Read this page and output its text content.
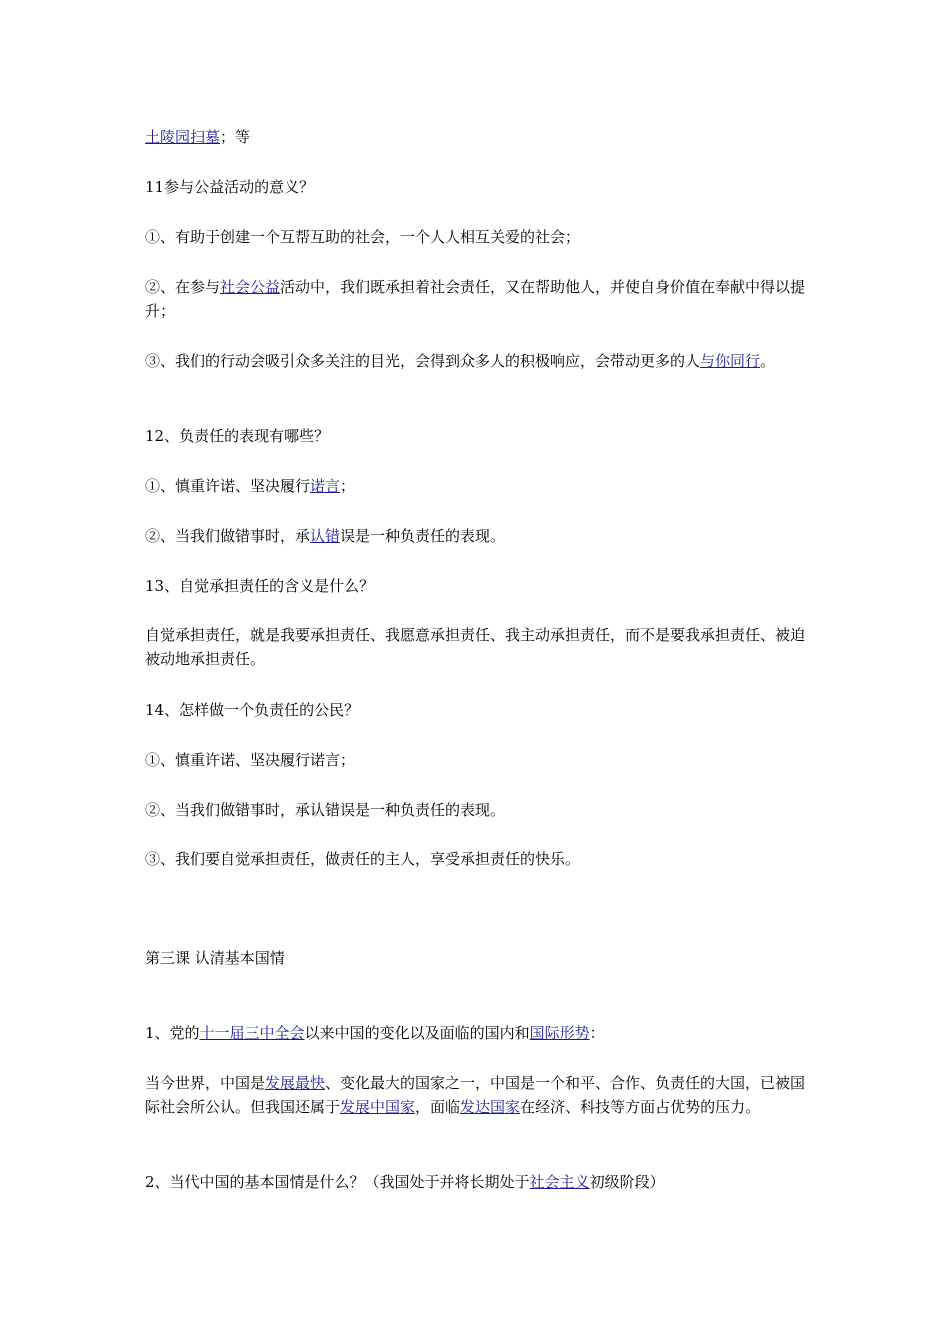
土陵园扫墓；等

11参与公益活动的意义？

①、有助于创建一个互帮互助的社会，一个人人相互关爱的社会；

②、在参与社会公益活动中，我们既承担着社会责任，又在帮助他人，并使自身价值在奉献中得以提升；

③、我们的行动会吸引众多关注的目光，会得到众多人的积极响应，会带动更多的人与你同行。

12、负责任的表现有哪些？

①、慎重许诺、坚决履行诺言；

②、当我们做错事时，承认错误是一种负责任的表现。

13、自觉承担责任的含义是什么？

自觉承担责任，就是我要承担责任、我愿意承担责任、我主动承担责任，而不是要我承担责任、被迫被动地承担责任。

14、怎样做一个负责任的公民？

①、慎重许诺、坚决履行诺言；

②、当我们做错事时，承认错误是一种负责任的表现。

③、我们要自觉承担责任，做责任的主人，享受承担责任的快乐。

第三课 认清基本国情

1、党的十一届三中全会以来中国的变化以及面临的国内和国际形势：

当今世界，中国是发展最快、变化最大的国家之一，中国是一个和平、合作、负责任的大国，已被国际社会所公认。但我国还属于发展中国家，面临发达国家在经济、科技等方面占优势的压力。

2、当代中国的基本国情是什么？（我国处于并将长期处于社会主义初级阶段）
